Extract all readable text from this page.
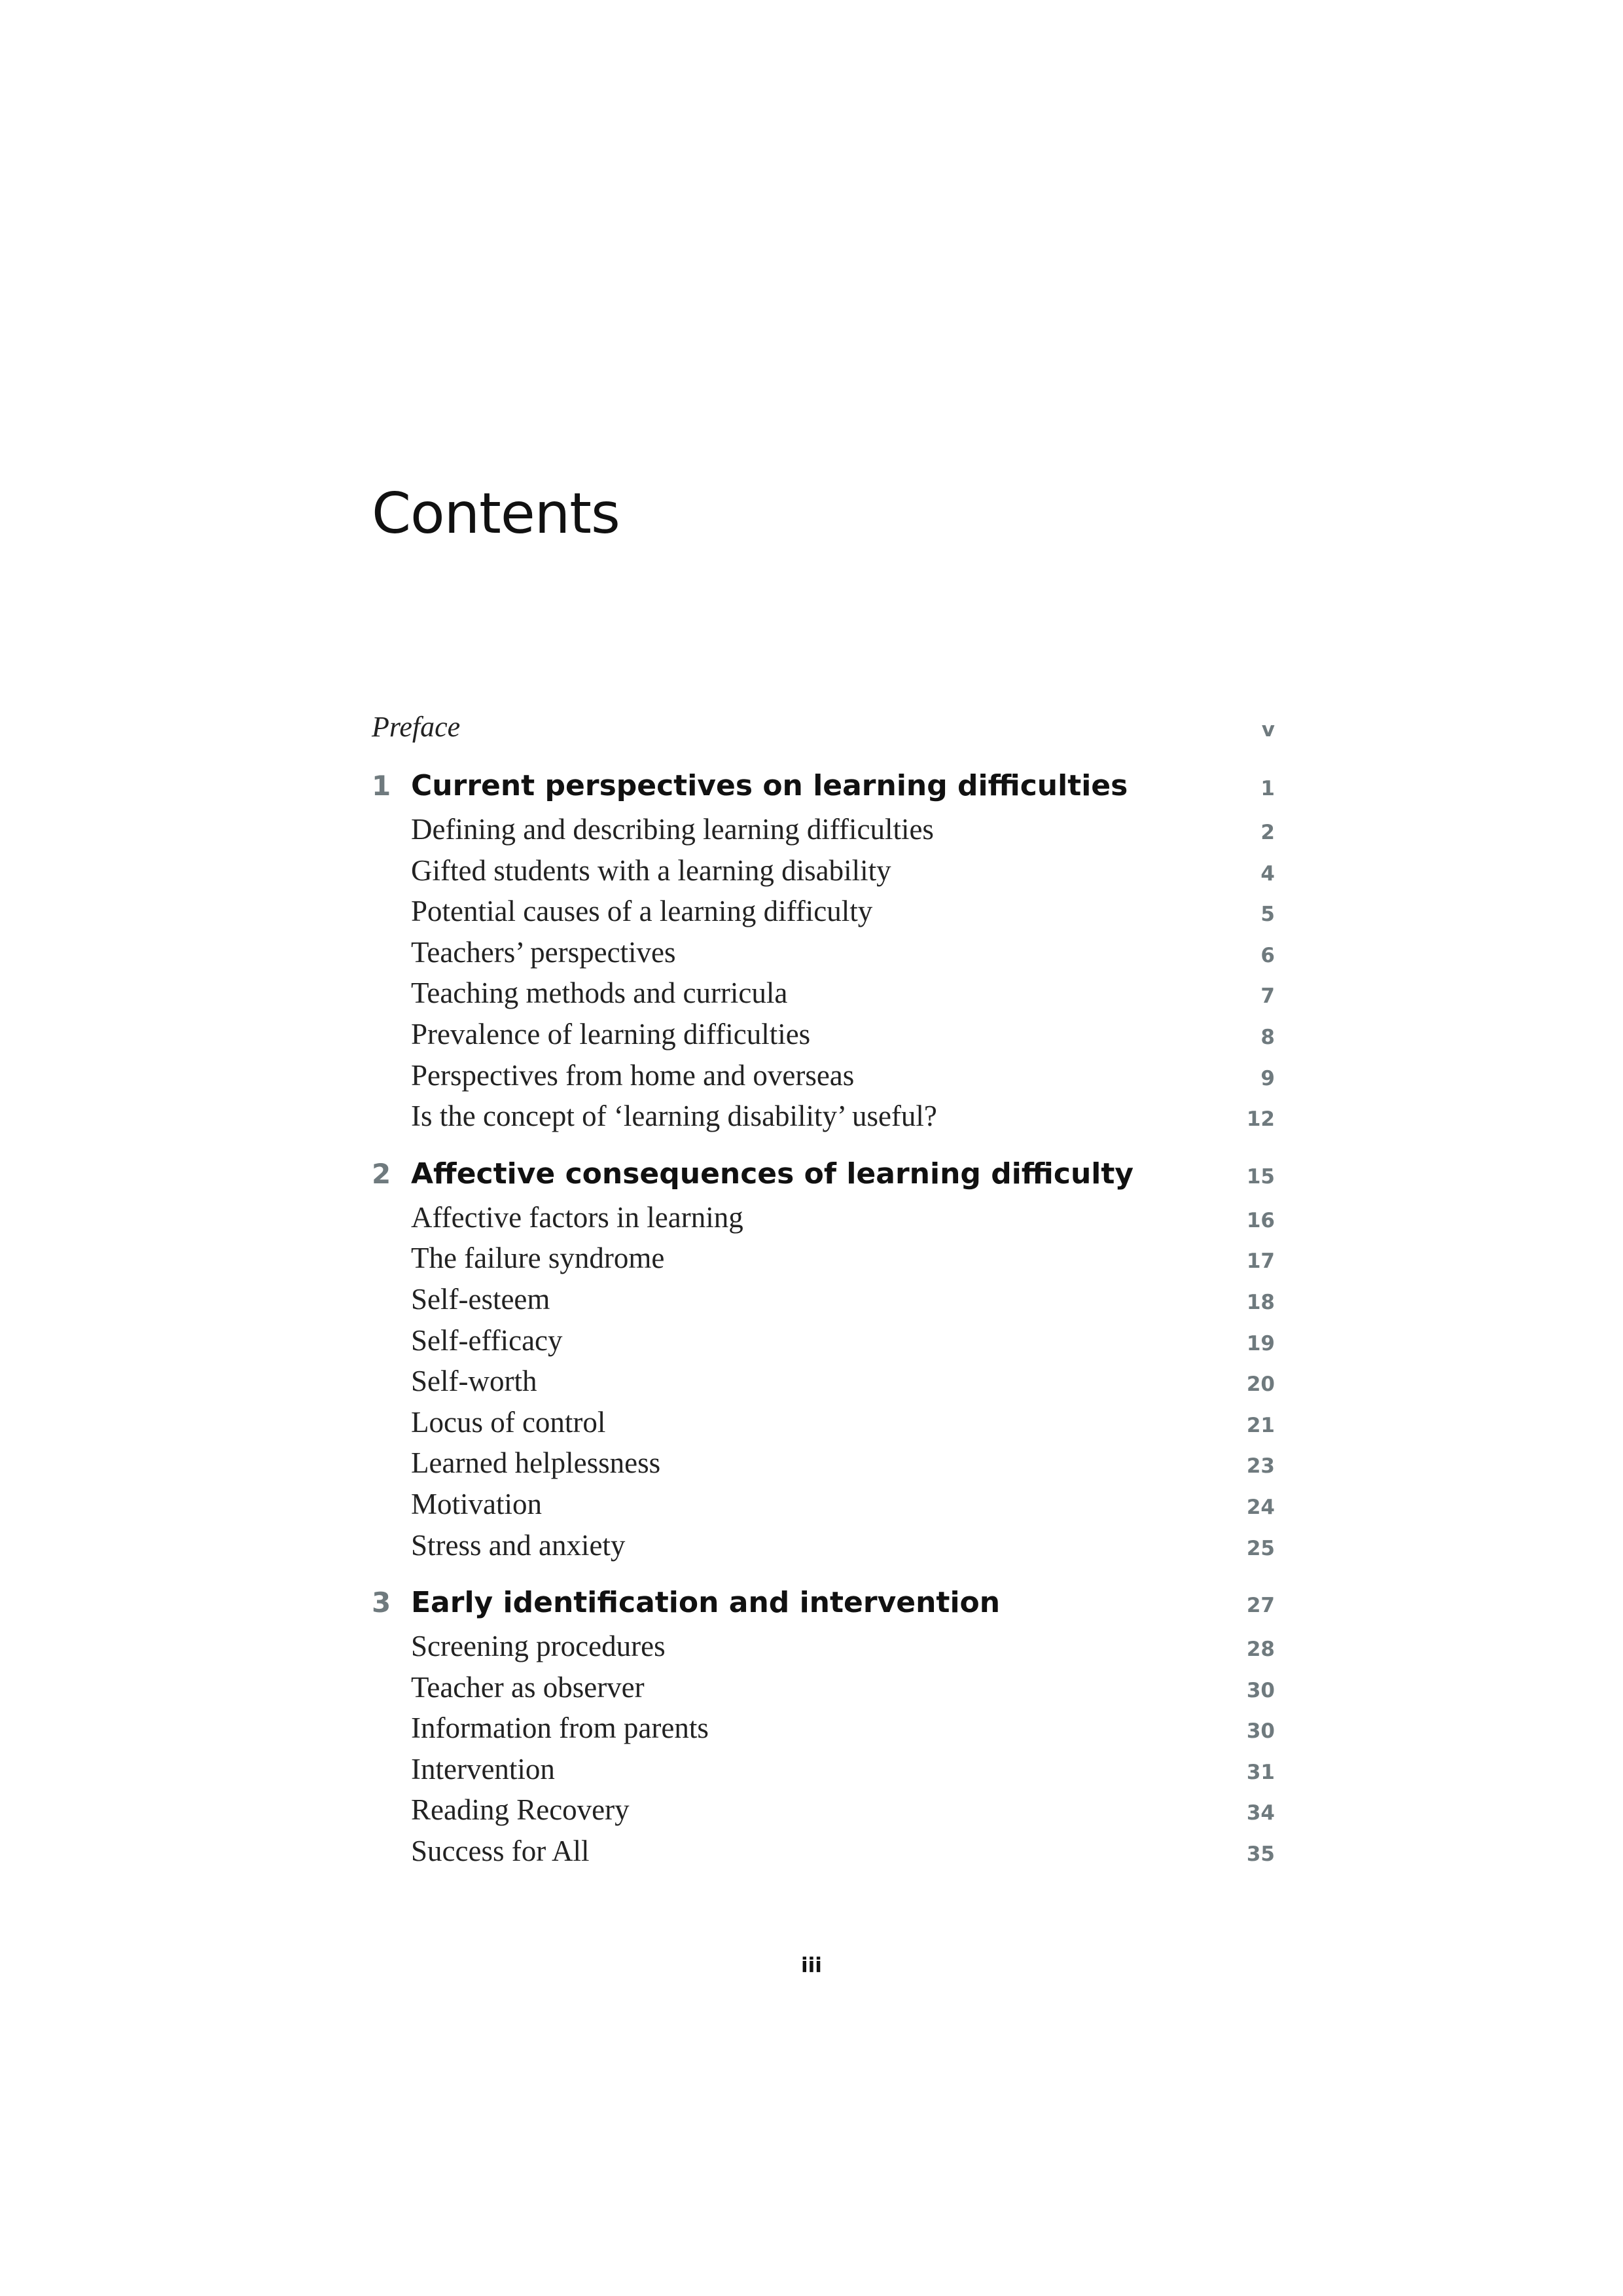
Contents
Preface	v
1 Current perspectives on learning difficulties	1
Defining and describing learning difficulties	2
Gifted students with a learning disability	4
Potential causes of a learning difficulty	5
Teachers’ perspectives	6
Teaching methods and curricula	7
Prevalence of learning difficulties	8
Perspectives from home and overseas	9
Is the concept of ‘learning disability’ useful?	12
2 Affective consequences of learning difficulty	15
Affective factors in learning	16
The failure syndrome	17
Self-esteem	18
Self-efficacy	19
Self-worth	20
Locus of control	21
Learned helplessness	23
Motivation	24
Stress and anxiety	25
3 Early identification and intervention	27
Screening procedures	28
Teacher as observer	30
Information from parents	30
Intervention	31
Reading Recovery	34
Success for All	35
iii
